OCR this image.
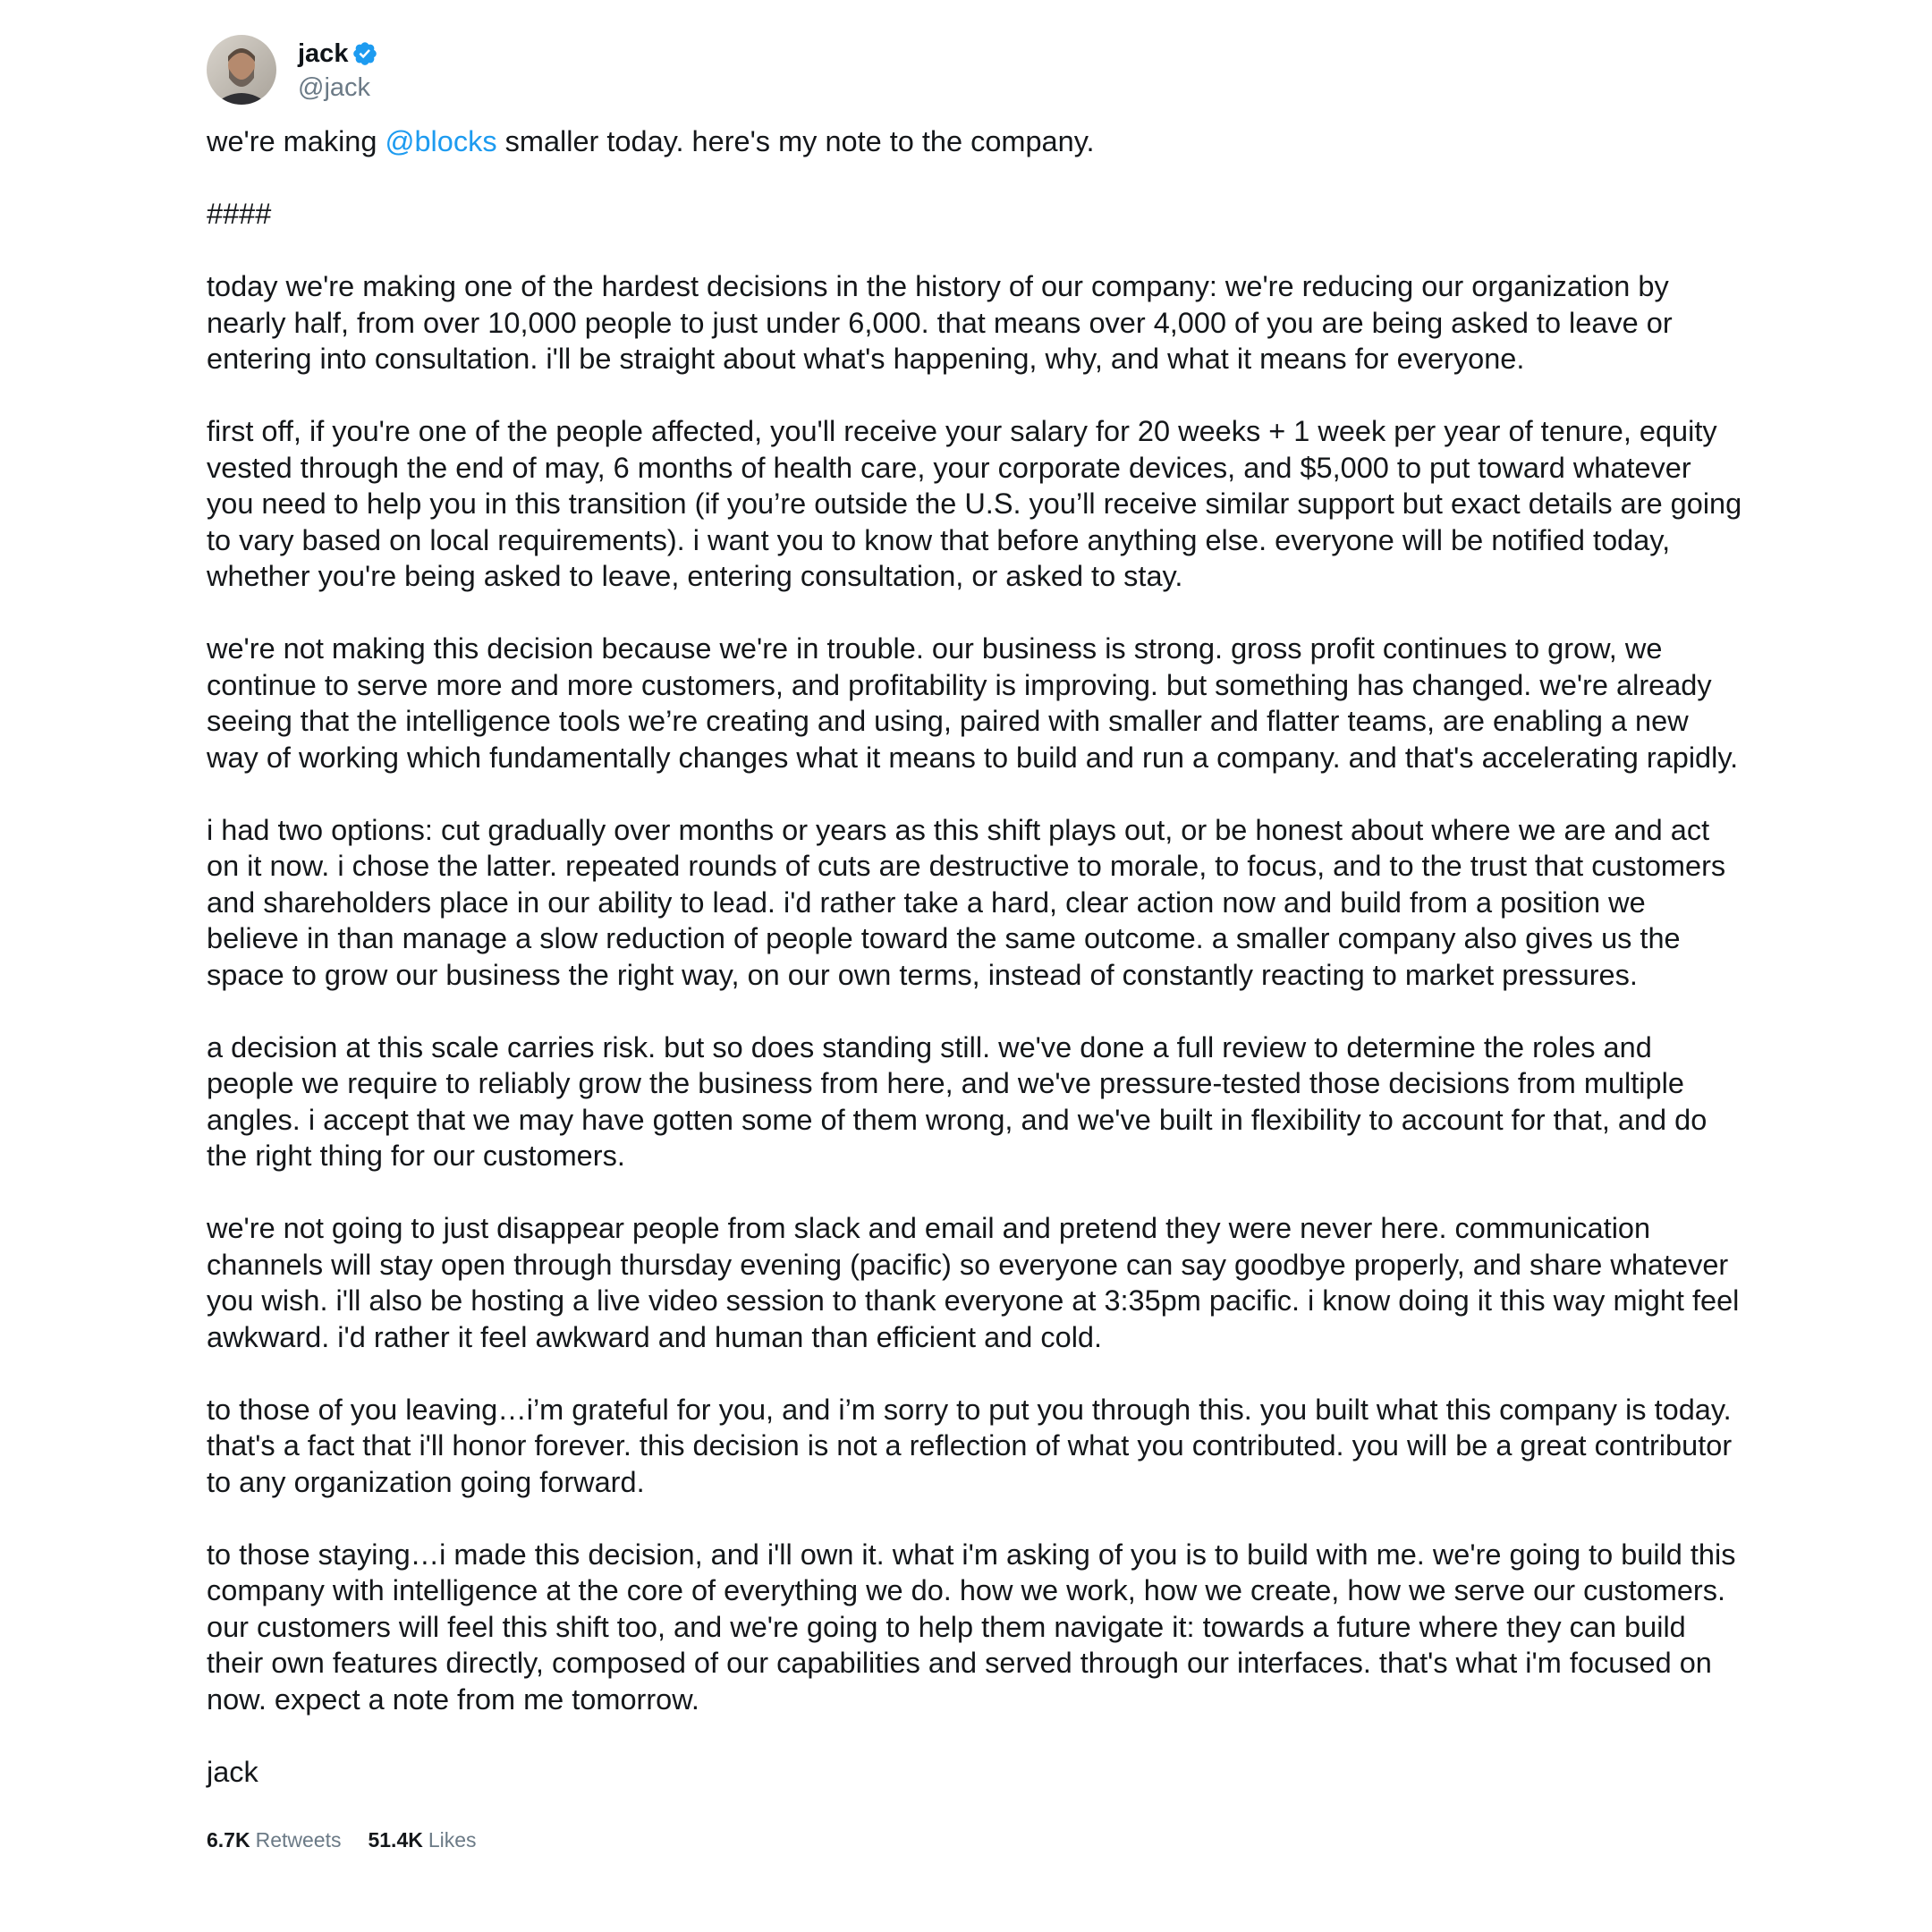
jack
@jack

we're making @blocks smaller today. here's my note to the company.

####

today we're making one of the hardest decisions in the history of our company: we're reducing our organization by nearly half, from over 10,000 people to just under 6,000. that means over 4,000 of you are being asked to leave or entering into consultation. i'll be straight about what's happening, why, and what it means for everyone.

first off, if you're one of the people affected, you'll receive your salary for 20 weeks + 1 week per year of tenure, equity vested through the end of may, 6 months of health care, your corporate devices, and $5,000 to put toward whatever you need to help you in this transition (if you’re outside the U.S. you’ll receive similar support but exact details are going to vary based on local requirements). i want you to know that before anything else. everyone will be notified today, whether you're being asked to leave, entering consultation, or asked to stay.

we're not making this decision because we're in trouble. our business is strong. gross profit continues to grow, we continue to serve more and more customers, and profitability is improving. but something has changed. we're already seeing that the intelligence tools we’re creating and using, paired with smaller and flatter teams, are enabling a new way of working which fundamentally changes what it means to build and run a company. and that's accelerating rapidly.

i had two options: cut gradually over months or years as this shift plays out, or be honest about where we are and act on it now. i chose the latter. repeated rounds of cuts are destructive to morale, to focus, and to the trust that customers and shareholders place in our ability to lead. i'd rather take a hard, clear action now and build from a position we believe in than manage a slow reduction of people toward the same outcome. a smaller company also gives us the space to grow our business the right way, on our own terms, instead of constantly reacting to market pressures.

a decision at this scale carries risk. but so does standing still. we've done a full review to determine the roles and people we require to reliably grow the business from here, and we've pressure-tested those decisions from multiple angles. i accept that we may have gotten some of them wrong, and we've built in flexibility to account for that, and do the right thing for our customers.

we're not going to just disappear people from slack and email and pretend they were never here. communication channels will stay open through thursday evening (pacific) so everyone can say goodbye properly, and share whatever you wish. i'll also be hosting a live video session to thank everyone at 3:35pm pacific. i know doing it this way might feel awkward. i'd rather it feel awkward and human than efficient and cold.

to those of you leaving…i’m grateful for you, and i’m sorry to put you through this. you built what this company is today. that's a fact that i'll honor forever. this decision is not a reflection of what you contributed. you will be a great contributor to any organization going forward.

to those staying…i made this decision, and i'll own it. what i'm asking of you is to build with me. we're going to build this company with intelligence at the core of everything we do. how we work, how we create, how we serve our customers. our customers will feel this shift too, and we're going to help them navigate it: towards a future where they can build their own features directly, composed of our capabilities and served through our interfaces. that's what i'm focused on now. expect a note from me tomorrow.

jack

6.7K Retweets 51.4K Likes
